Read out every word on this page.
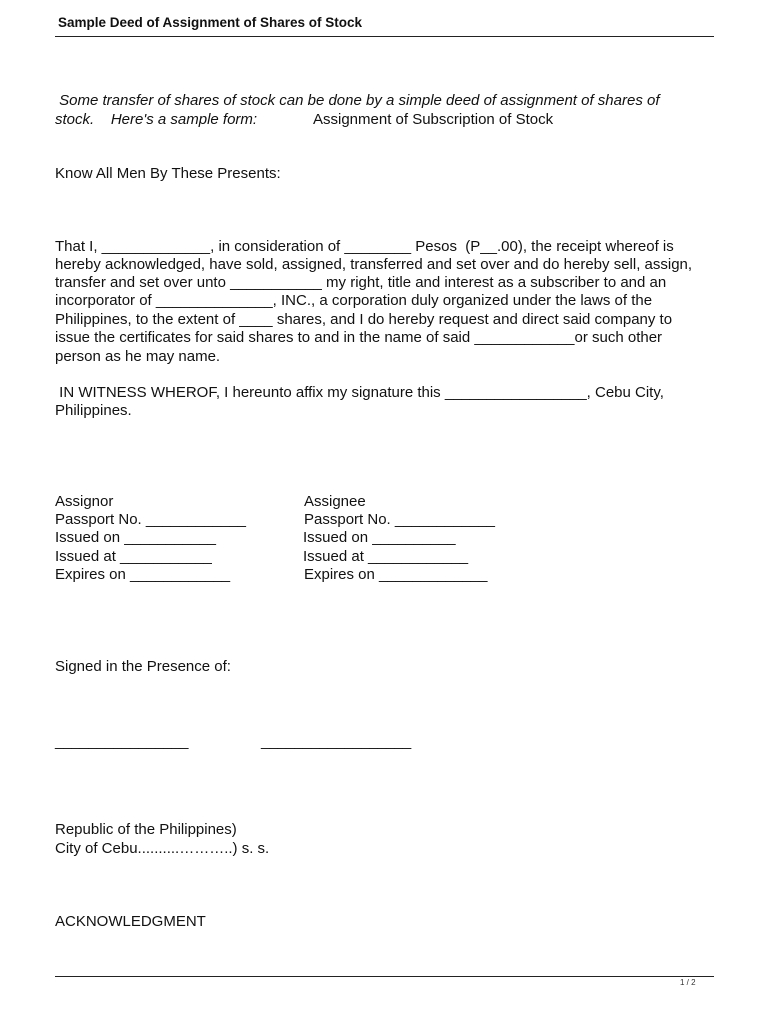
Sample Deed of Assignment of Shares of Stock
Some transfer of shares of stock can be done by a simple deed of assignment of shares of
stock.    Here's a sample form:	Assignment of Subscription of Stock
Know All Men By These Presents:
That I, _____________, in consideration of ________ Pesos  (P__.00), the receipt whereof is
hereby acknowledged, have sold, assigned, transferred and set over and do hereby sell, assign,
transfer and set over unto ___________ my right, title and interest as a subscriber to and an
incorporator of ______________, INC., a corporation duly organized under the laws of the
Philippines, to the extent of ____ shares, and I do hereby request and direct said company to
issue the certificates for said shares to and in the name of said ____________or such other
person as he may name.
IN WITNESS WHEROF, I hereunto affix my signature this _________________, Cebu City,
Philippines.
Assignor
Passport No. ____________
Issued on ___________
Issued at ___________
Expires on ____________
Assignee
Passport No. ____________
Issued on __________
Issued at ____________
Expires on _____________
Signed in the Presence of:
________________	__________________
Republic of the Philippines)
City of Cebu..........………..) s. s.
ACKNOWLEDGMENT
1 / 2
